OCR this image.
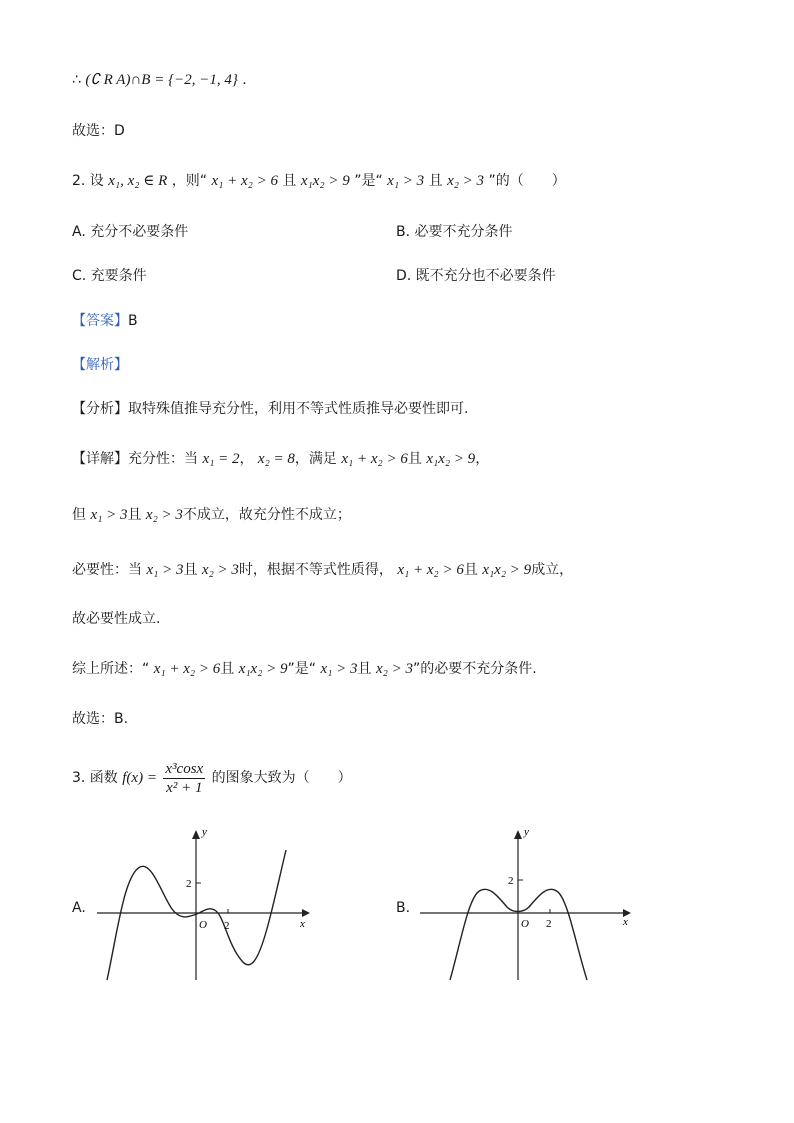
∴ (∁ R A)∩B = {−2, −1, 4} .
故选：D
2. 设 x₁, x₂ ∈ R ，则“ x₁ + x₂ > 6 且 x₁x₂ > 9 ”是“ x₁ > 3 且 x₂ > 3 ”的（　　）
A. 充分不必要条件	B. 必要不充分条件
C. 充要条件	D. 既不充分也不必要条件
【答案】B
【解析】
【分析】取特殊值推导充分性，利用不等式性质推导必要性即可.
【详解】充分性：当 x₁ = 2， x₂ = 8，满足 x₁ + x₂ > 6且 x₁x₂ > 9，
但 x₁ > 3且 x₂ > 3不成立，故充分性不成立；
必要性：当 x₁ > 3且 x₂ > 3时，根据不等式性质得， x₁ + x₂ > 6且 x₁x₂ > 9成立，
故必要性成立.
综上所述：“ x₁ + x₂ > 6且 x₁x₂ > 9”是“ x₁ > 3且 x₂ > 3”的必要不充分条件.
故选：B.
3. 函数 $f(x) = \frac{\text{x³cosx}}{\text{x² + 1}}$ 的图象大致为（　　）
A.
y
x
O
2
2
B.
y
x
O
2
2
